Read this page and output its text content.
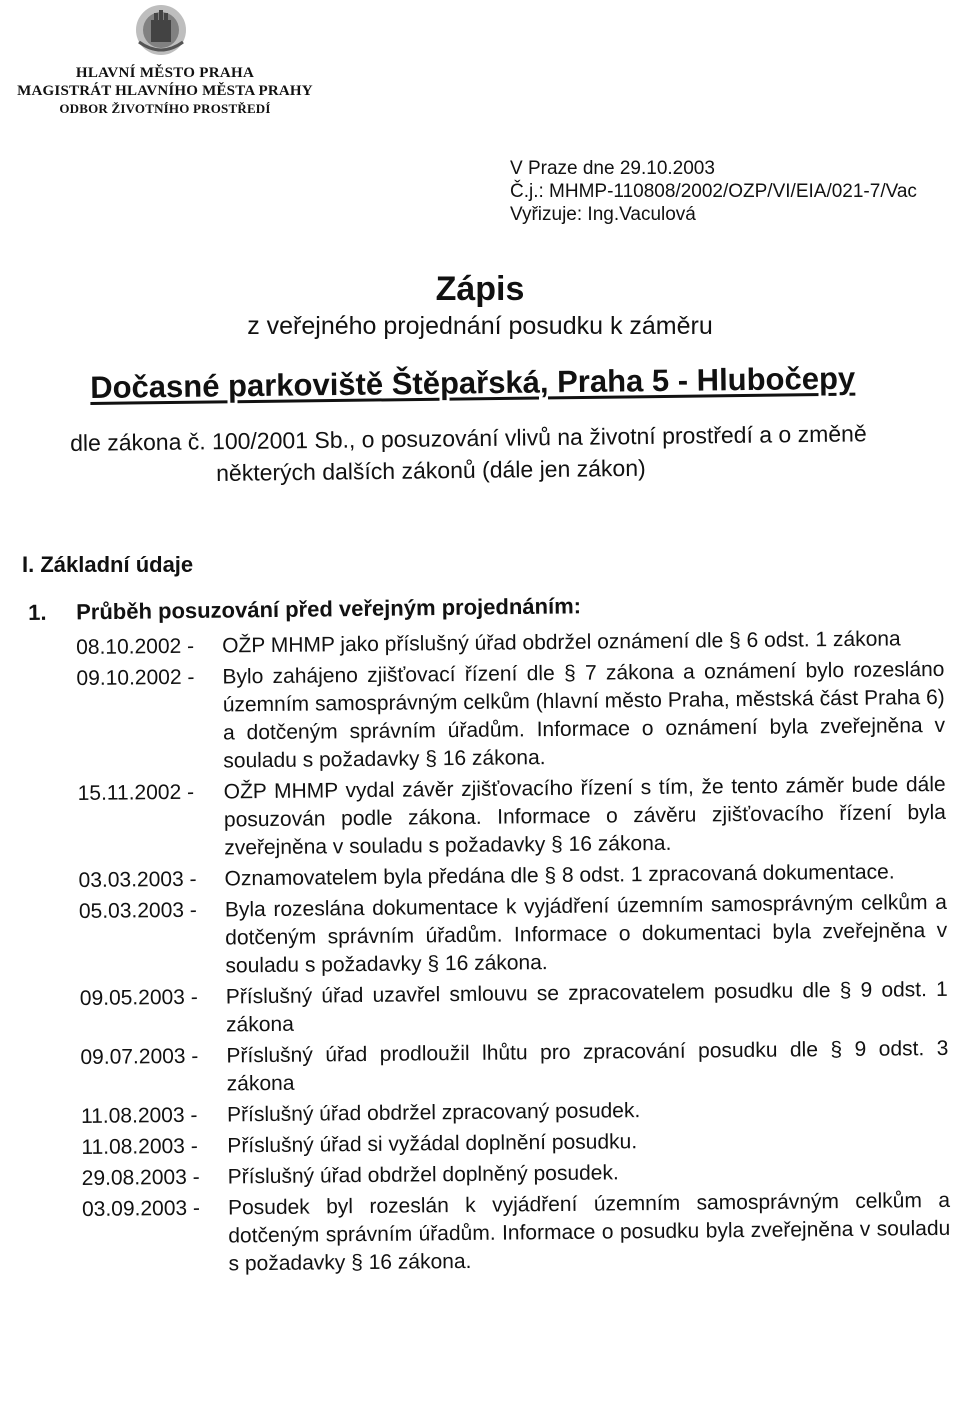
HLAVNÍ MĚSTO PRAHA
MAGISTRÁT HLAVNÍHO MĚSTA PRAHY
ODBOR ŽIVOTNÍHO PROSTŘEDÍ
V Praze dne 29.10.2003
Č.j.: MHMP-110808/2002/OZP/VI/EIA/021-7/Vac
Vyřizuje: Ing.Vaculová
Zápis
z veřejného projednání posudku k záměru
Dočasné parkoviště Štěpařská, Praha 5 - Hlubočepy
dle zákona č. 100/2001 Sb., o posuzování vlivů na životní prostředí a o změně
některých dalších zákonů (dále jen zákon)
I. Základní údaje
1. Průběh posuzování před veřejným projednáním:
08.10.2002 -	OŽP MHMP jako příslušný úřad obdržel oznámení dle § 6 odst. 1 zákona
09.10.2002 -	Bylo zahájeno zjišťovací řízení dle § 7 zákona a oznámení bylo rozesláno územním samosprávným celkům (hlavní město Praha, městská část Praha 6) a dotčeným správním úřadům. Informace o oznámení byla zveřejněna v souladu s požadavky § 16 zákona.
15.11.2002 -	OŽP MHMP vydal závěr zjišťovacího řízení s tím, že tento záměr bude dále posuzován podle zákona. Informace o závěru zjišťovacího řízení byla zveřejněna v souladu s požadavky § 16 zákona.
03.03.2003 -	Oznamovatelem byla předána dle § 8 odst. 1 zpracovaná dokumentace.
05.03.2003 -	Byla rozeslána dokumentace k vyjádření územním samosprávným celkům a dotčeným správním úřadům. Informace o dokumentaci byla zveřejněna v souladu s požadavky § 16 zákona.
09.05.2003 -	Příslušný úřad uzavřel smlouvu se zpracovatelem posudku dle § 9 odst. 1 zákona
09.07.2003 -	Příslušný úřad prodloužil lhůtu pro zpracování posudku dle § 9 odst. 3 zákona
11.08.2003 -	Příslušný úřad obdržel zpracovaný posudek.
11.08.2003 -	Příslušný úřad si vyžádal doplnění posudku.
29.08.2003 -	Příslušný úřad obdržel doplněný posudek.
03.09.2003 -	Posudek byl rozeslán k vyjádření územním samosprávným celkům a dotčeným správním úřadům. Informace o posudku byla zveřejněna v souladu s požadavky § 16 zákona.
